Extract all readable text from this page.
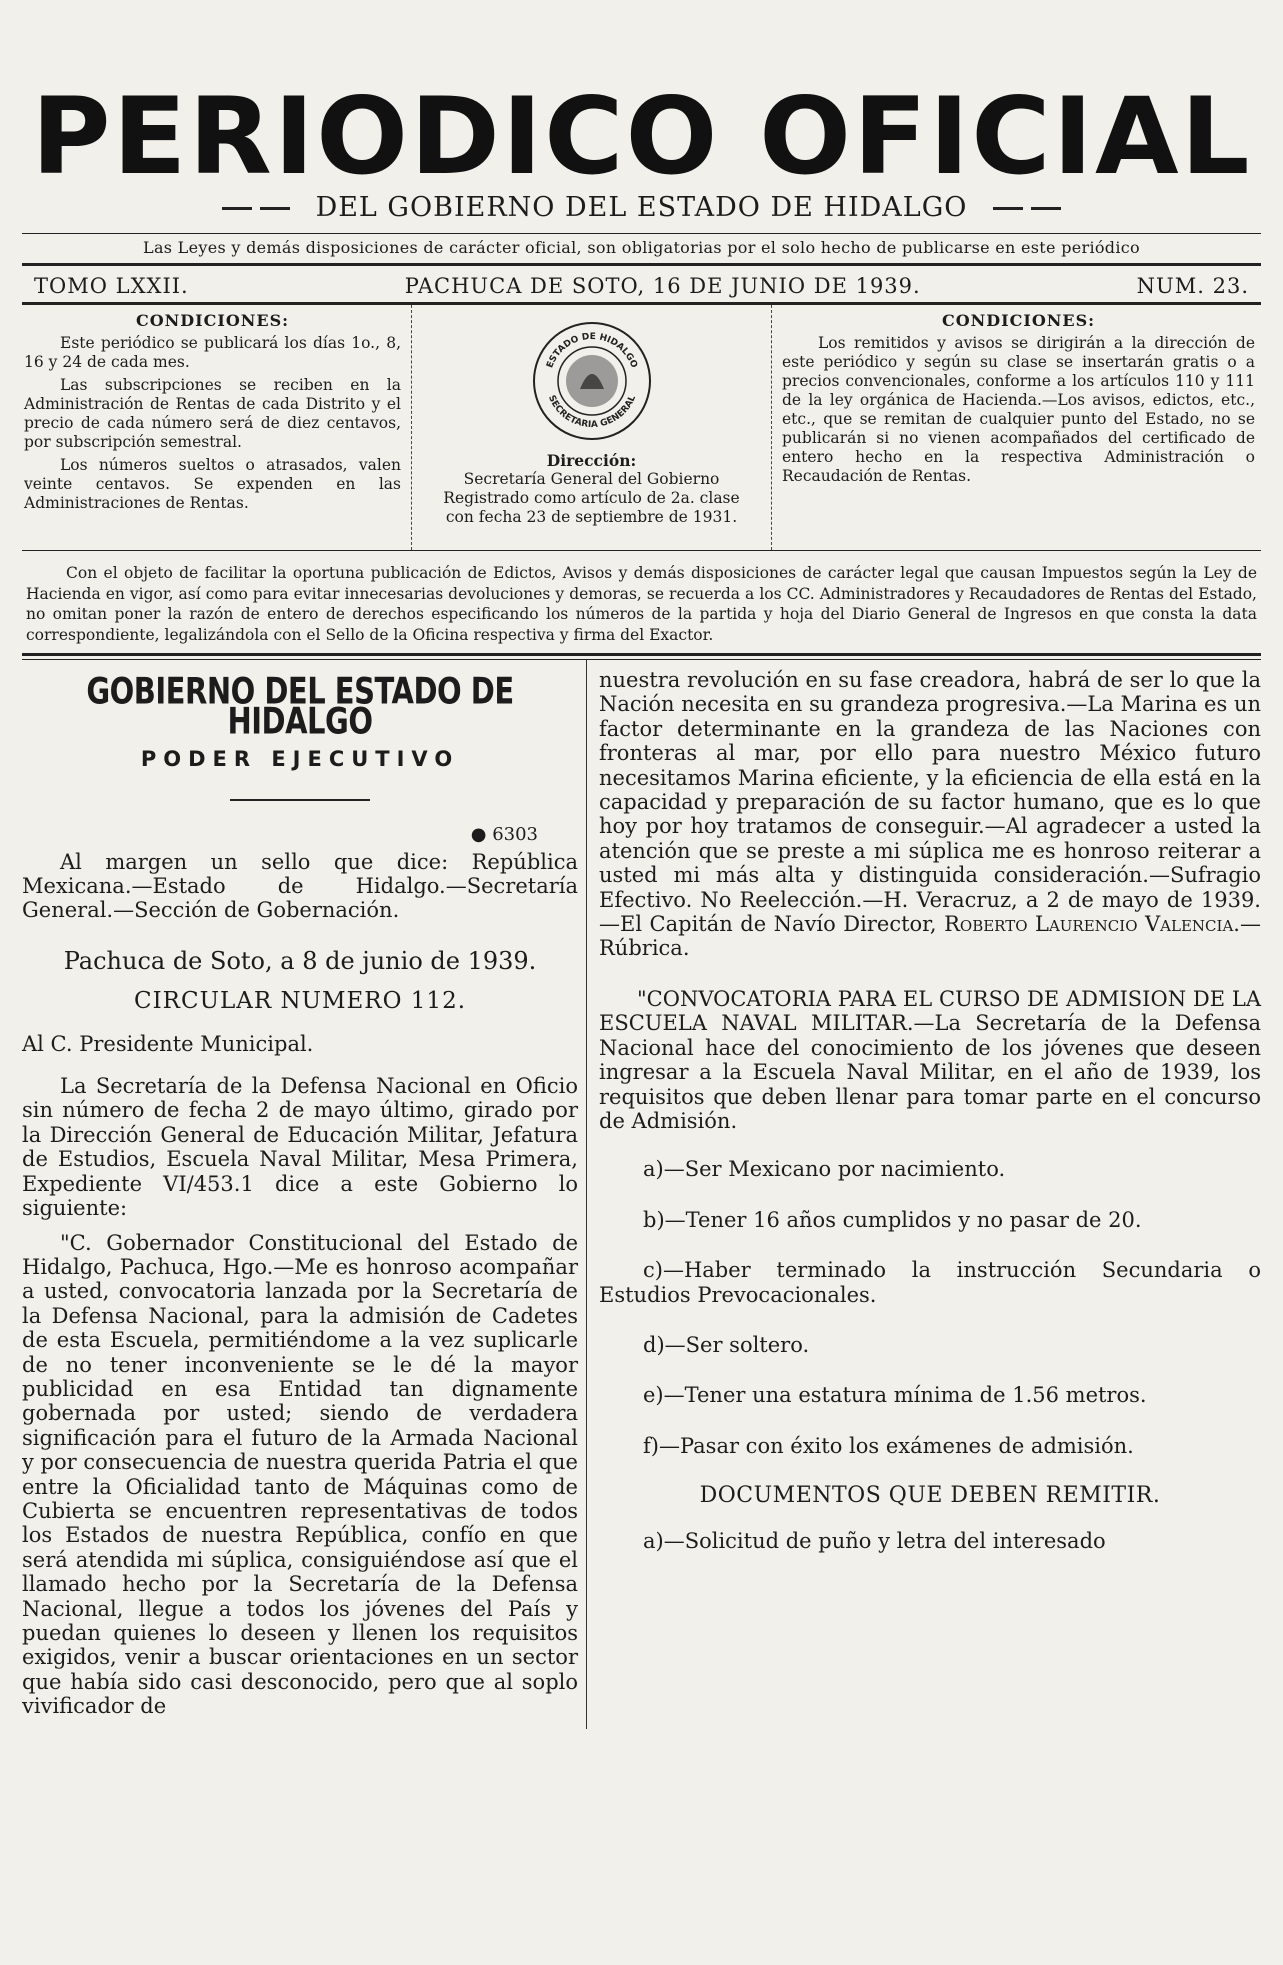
PERIODICO OFICIAL
DEL GOBIERNO DEL ESTADO DE HIDALGO
Las Leyes y demás disposiciones de carácter oficial, son obligatorias por el solo hecho de publicarse en este periódico
TOMO LXXII.	PACHUCA DE SOTO, 16 DE JUNIO DE 1939.	NUM. 23.
CONDICIONES:

Este periódico se publicará los días 1o., 8, 16 y 24 de cada mes.

Las subscripciones se reciben en la Administración de Rentas de cada Distrito y el precio de cada número será de diez centavos, por subscripción semestral.

Los números sueltos o atrasados, valen veinte centavos. Se expenden en las Administraciones de Rentas.

ESTADO DE HIDALGO
SECRETARIA GENERAL
Dirección:
Secretaría General del Gobierno
Registrado como artículo de 2a. clase
con fecha 23 de septiembre de 1931.
CONDICIONES:

Los remitidos y avisos se dirigirán a la dirección de este periódico y según su clase se insertarán gratis o a precios convencionales, conforme a los artículos 110 y 111 de la ley orgánica de Hacienda.—Los avisos, edictos, etc., etc., que se remitan de cualquier punto del Estado, no se publicarán si no vienen acompañados del certificado de entero hecho en la respectiva Administración o Recaudación de Rentas.

Con el objeto de facilitar la oportuna publicación de Edictos, Avisos y demás disposiciones de carácter legal que causan Impuestos según la Ley de Hacienda en vigor, así como para evitar innecesarias devoluciones y demoras, se recuerda a los CC. Administradores y Recaudadores de Rentas del Estado, no omitan poner la razón de entero de derechos especificando los números de la partida y hoja del Diario General de Ingresos en que consta la data correspondiente, legalizándola con el Sello de la Oficina respectiva y firma del Exactor.
GOBIERNO DEL ESTADO DE HIDALGO
PODER EJECUTIVO
● 6303

Al margen un sello que dice: República Mexicana.—Estado de Hidalgo.—Secretaría General.—Sección de Gobernación.

Pachuca de Soto, a 8 de junio de 1939.
CIRCULAR NUMERO 112.

Al C. Presidente Municipal.

La Secretaría de la Defensa Nacional en Oficio sin número de fecha 2 de mayo último, girado por la Dirección General de Educación Militar, Jefatura de Estudios, Escuela Naval Militar, Mesa Primera, Expediente VI/453.1 dice a este Gobierno lo siguiente:

"C. Gobernador Constitucional del Estado de Hidalgo, Pachuca, Hgo.—Me es honroso acompañar a usted, convocatoria lanzada por la Secretaría de la Defensa Nacional, para la admisión de Cadetes de esta Escuela, permitiéndome a la vez suplicarle de no tener inconveniente se le dé la mayor publicidad en esa Entidad tan dignamente gobernada por usted; siendo de verdadera significación para el futuro de la Armada Nacional y por consecuencia de nuestra querida Patria el que entre la Oficialidad tanto de Máquinas como de Cubierta se encuentren representativas de todos los Estados de nuestra República, confío en que será atendida mi súplica, consiguiéndose así que el llamado hecho por la Secretaría de la Defensa Nacional, llegue a todos los jóvenes del País y puedan quienes lo deseen y llenen los requisitos exigidos, venir a buscar orientaciones en un sector que había sido casi desconocido, pero que al soplo vivificador de

nuestra revolución en su fase creadora, habrá de ser lo que la Nación necesita en su grandeza progresiva.—La Marina es un factor determinante en la grandeza de las Naciones con fronteras al mar, por ello para nuestro México futuro necesitamos Marina eficiente, y la eficiencia de ella está en la capacidad y preparación de su factor humano, que es lo que hoy por hoy tratamos de conseguir.—Al agradecer a usted la atención que se preste a mi súplica me es honroso reiterar a usted mi más alta y distinguida consideración.—Sufragio Efectivo. No Reelección.—H. Veracruz, a 2 de mayo de 1939.—El Capitán de Navío Director, Roberto Laurencio Valencia.—Rúbrica.

"CONVOCATORIA PARA EL CURSO DE ADMISION DE LA ESCUELA NAVAL MILITAR.—La Secretaría de la Defensa Nacional hace del conocimiento de los jóvenes que deseen ingresar a la Escuela Naval Militar, en el año de 1939, los requisitos que deben llenar para tomar parte en el concurso de Admisión.

a)—Ser Mexicano por nacimiento.

b)—Tener 16 años cumplidos y no pasar de 20.

c)—Haber terminado la instrucción Secundaria o Estudios Prevocacionales.

d)—Ser soltero.

e)—Tener una estatura mínima de 1.56 metros.

f)—Pasar con éxito los exámenes de admisión.

DOCUMENTOS QUE DEBEN REMITIR.

a)—Solicitud de puño y letra del interesado
